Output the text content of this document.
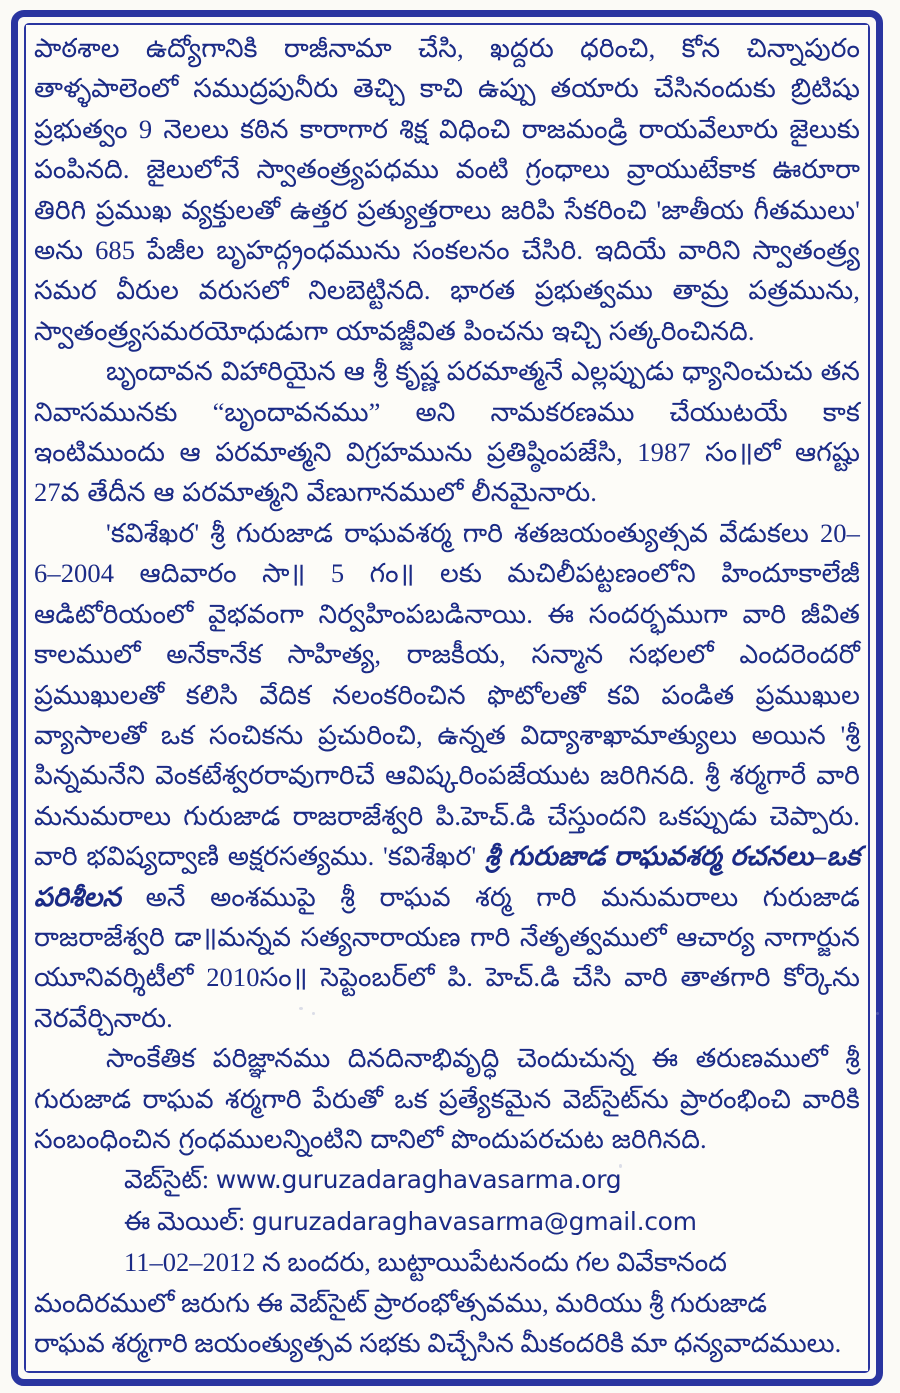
పాఠశాల ఉద్యోగానికి రాజీనామా చేసి, ఖద్దరు ధరించి, కోన చిన్నాపురం తాళ్ళపాలెంలో సముద్రపునీరు తెచ్చి కాచి ఉప్పు తయారు చేసినందుకు బ్రిటిషు ప్రభుత్వం 9 నెలలు కఠిన కారాగార శిక్ష విధించి రాజమండ్రి రాయవేలూరు జైలుకు పంపినది. జైలులోనే స్వాతంత్ర్యపధము వంటి గ్రంధాలు వ్రాయుటేకాక ఊరూరా తిరిగి ప్రముఖ వ్యక్తులతో ఉత్తర ప్రత్యుత్తరాలు జరిపి సేకరించి 'జాతీయ గీతములు' అను 685 పేజీల బృహద్గ్రంధమును సంకలనం చేసిరి. ఇదియే వారిని స్వాతంత్ర్య సమర వీరుల వరుసలో నిలబెట్టినది. భారత ప్రభుత్వము తామ్ర పత్రమును, స్వాతంత్ర్యసమరయోధుడుగా యావజ్జీవిత పించను ఇచ్చి సత్కరించినది.

బృందావన విహారియైన ఆ శ్రీ కృష్ణ పరమాత్మనే ఎల్లప్పుడు ధ్యానించుచు తన నివాసమునకు “బృందావనము” అని నామకరణము చేయుటయే కాక ఇంటిముందు ఆ పరమాత్మని విగ్రహమును ప్రతిష్ఠింపజేసి, 1987 సం॥లో ఆగష్టు 27వ తేదీన ఆ పరమాత్మని వేణుగానములో లీనమైనారు.

'కవిశేఖర' శ్రీ గురుజాడ రాఘవశర్మ గారి శతజయంత్యుత్సవ వేడుకలు 20–6–2004 ఆదివారం సా॥ 5 గం॥ లకు మచిలీపట్టణంలోని హిందూకాలేజీ ఆడిటోరియంలో వైభవంగా నిర్వహింపబడినాయి. ఈ సందర్భముగా వారి జీవిత కాలములో అనేకానేక సాహిత్య, రాజకీయ, సన్మాన సభలలో ఎందరెందరో ప్రముఖులతో కలిసి వేదిక నలంకరించిన ఫొటోలతో కవి పండిత ప్రముఖుల వ్యాసాలతో ఒక సంచికను ప్రచురించి, ఉన్నత విద్యాశాఖామాత్యులు అయిన 'శ్రీ పిన్నమనేని వెంకటేశ్వరరావుగారిచే ఆవిష్కరింపజేయుట జరిగినది. శ్రీ శర్మగారే వారి మనుమరాలు గురుజాడ రాజరాజేశ్వరి పి.హెచ్.డి చేస్తుందని ఒకప్పుడు చెప్పారు. వారి భవిష్యద్వాణి అక్షరసత్యము. 'కవిశేఖర' శ్రీ గురుజాడ రాఘవశర్మ రచనలు–ఒక పరిశీలన అనే అంశముపై శ్రీ రాఘవ శర్మ గారి మనుమరాలు గురుజాడ రాజరాజేశ్వరి డా॥మన్నవ సత్యనారాయణ గారి నేతృత్వములో ఆచార్య నాగార్జున యూనివర్శిటీలో 2010సం॥ సెప్టెంబర్‌లో పి. హెచ్.డి చేసి వారి తాతగారి కోర్కెను నెరవేర్చినారు.

సాంకేతిక పరిజ్ఞానము దినదినాభివృద్ధి చెందుచున్న ఈ తరుణములో శ్రీ గురుజాడ రాఘవ శర్మగారి పేరుతో ఒక ప్రత్యేకమైన వెబ్‌సైట్‌ను ప్రారంభించి వారికి సంబంధించిన గ్రంధములన్నింటిని దానిలో పొందుపరచుట జరిగినది.

వెబ్‌సైట్: www.guruzadaraghavasarma.org

ఈ మెయిల్: guruzadaraghavasarma@gmail.com

11–02–2012 న బందరు, బుట్టాయిపేటనందు గల వివేకానంద

మందిరములో జరుగు ఈ వెబ్‌సైట్ ప్రారంభోత్సవము, మరియు శ్రీ గురుజాడ

రాఘవ శర్మగారి జయంత్యుత్సవ సభకు విచ్చేసిన మీకందరికి మా ధన్యవాదములు.
